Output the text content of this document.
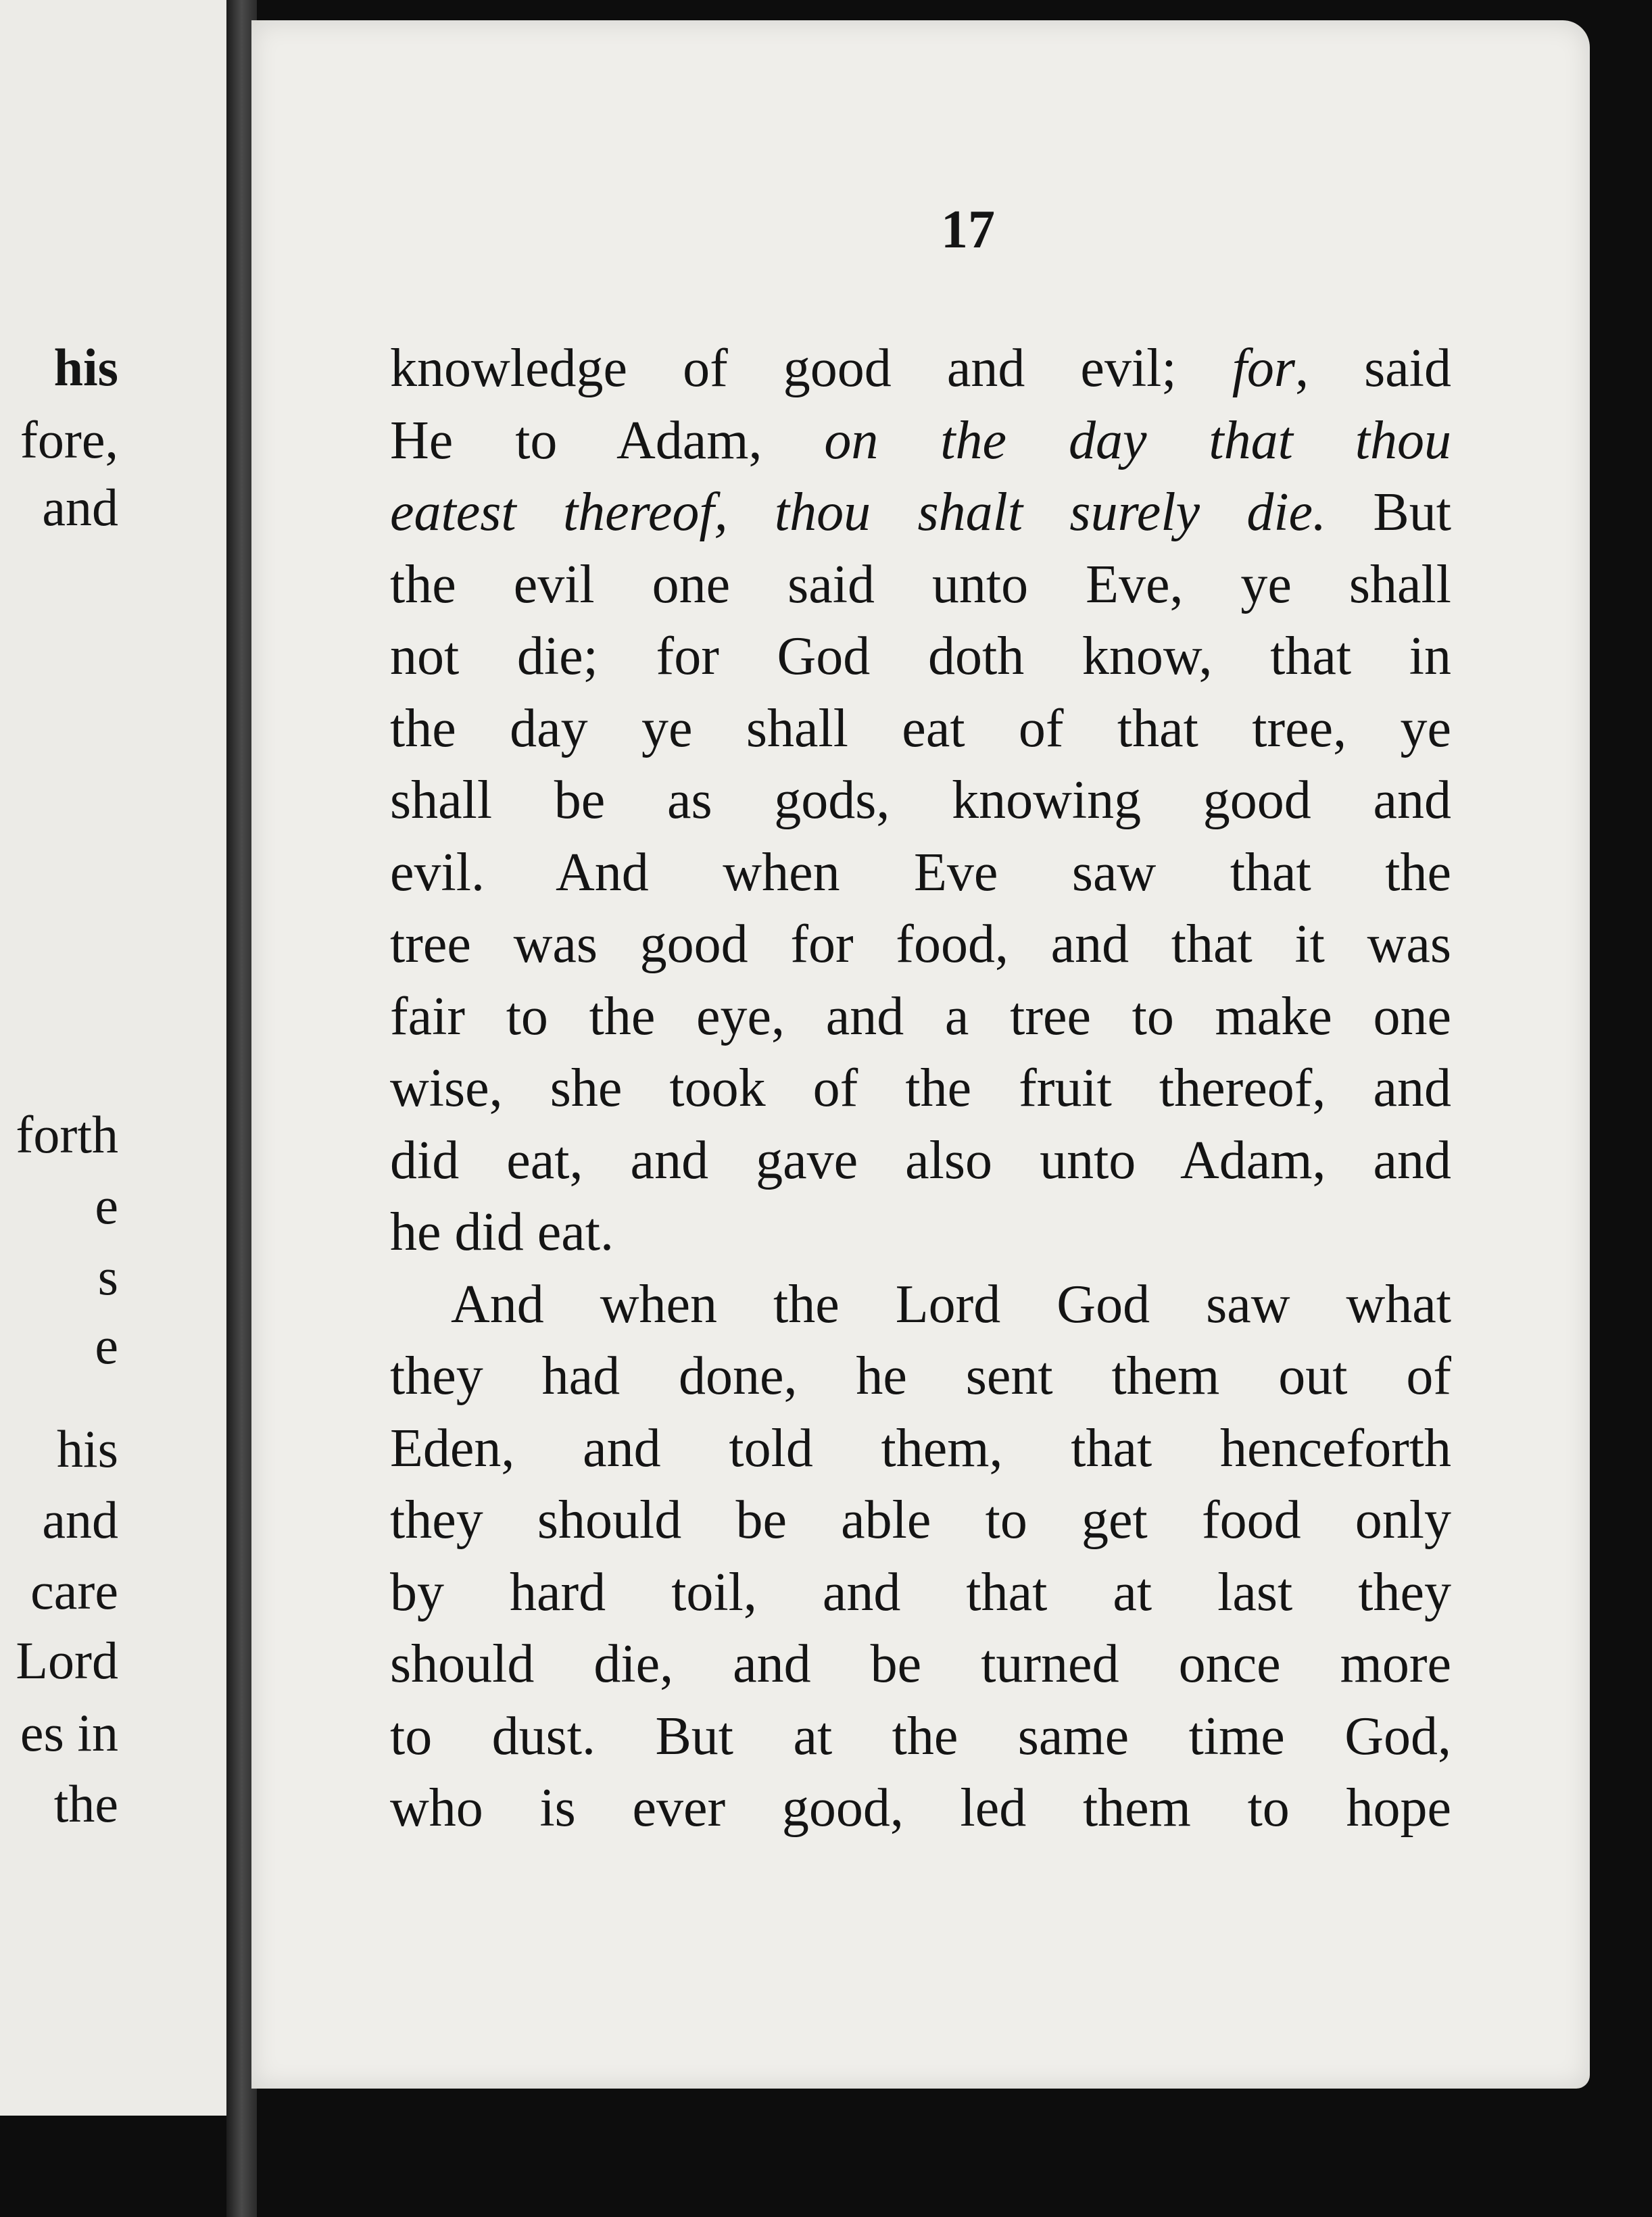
his
fore,
and
forth
e
s
e
his
and
care
Lord
es in
the
17
knowledge of good and evil; for, said
He to Adam, on the day that thou
eatest thereof, thou shalt surely die. But
the evil one said unto Eve, ye shall
not die; for God doth know, that in
the day ye shall eat of that tree, ye
shall be as gods, knowing good and
evil. And when Eve saw that the
tree was good for food, and that it was
fair to the eye, and a tree to make one
wise, she took of the fruit thereof, and
did eat, and gave also unto Adam, and
he did eat.
And when the Lord God saw what
they had done, he sent them out of
Eden, and told them, that henceforth
they should be able to get food only
by hard toil, and that at last they
should die, and be turned once more
to dust. But at the same time God,
who is ever good, led them to hope
